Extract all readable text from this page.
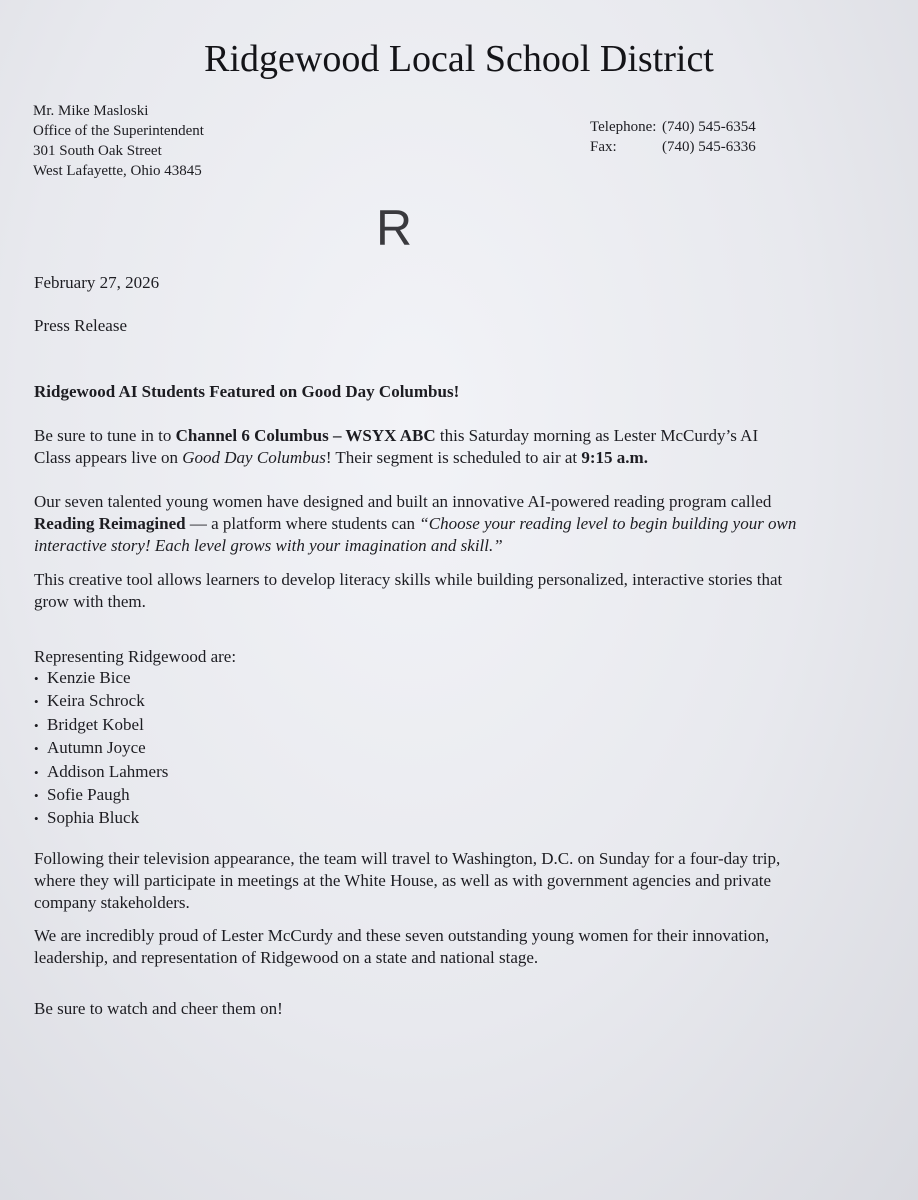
Ridgewood Local School District
Mr. Mike Masloski
Office of the Superintendent
301 South Oak Street
West Lafayette, Ohio 43845
Telephone: (740) 545-6354
Fax:	(740) 545-6336
R
February 27, 2026
Press Release
Ridgewood AI Students Featured on Good Day Columbus!
Be sure to tune in to Channel 6 Columbus – WSYX ABC this Saturday morning as Lester McCurdy’s AI
Class appears live on Good Day Columbus! Their segment is scheduled to air at 9:15 a.m.
Our seven talented young women have designed and built an innovative AI-powered reading program called
Reading Reimagined — a platform where students can “Choose your reading level to begin building your own
interactive story! Each level grows with your imagination and skill.”
This creative tool allows learners to develop literacy skills while building personalized, interactive stories that
grow with them.
Representing Ridgewood are:
• Kenzie Bice
• Keira Schrock
• Bridget Kobel
• Autumn Joyce
• Addison Lahmers
• Sofie Paugh
• Sophia Bluck
Following their television appearance, the team will travel to Washington, D.C. on Sunday for a four-day trip,
where they will participate in meetings at the White House, as well as with government agencies and private
company stakeholders.
We are incredibly proud of Lester McCurdy and these seven outstanding young women for their innovation,
leadership, and representation of Ridgewood on a state and national stage.
Be sure to watch and cheer them on!
